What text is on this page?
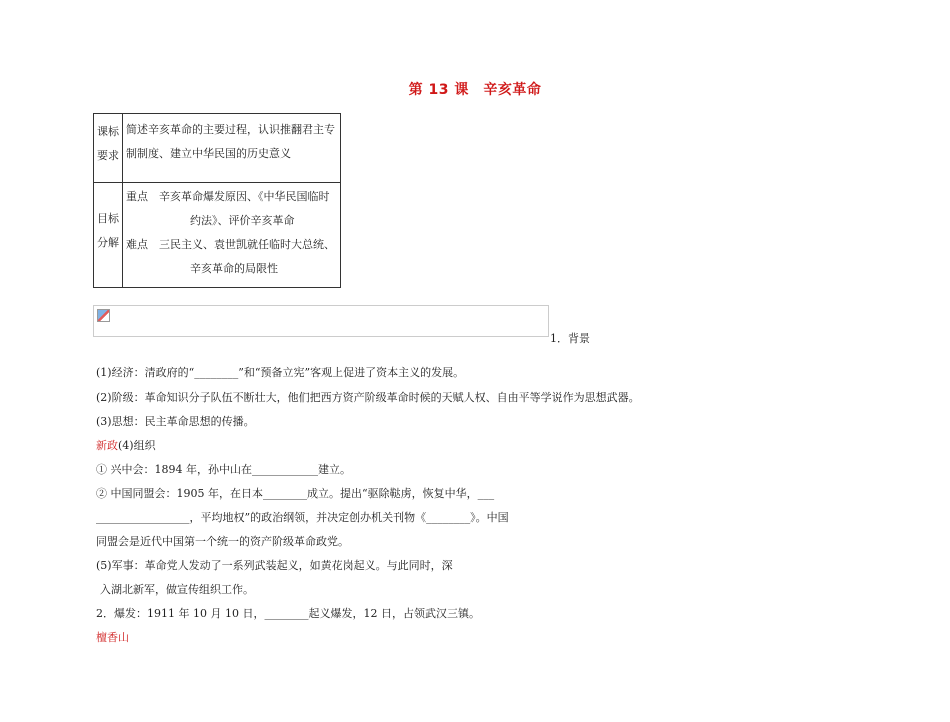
第 13 课　辛亥革命
课标
要求
简述辛亥革命的主要过程，认识推翻君主专
制制度、建立中华民国的历史意义
目标
分解
重点　辛亥革命爆发原因、《中华民国临时
约法》、评价辛亥革命
难点　三民主义、袁世凯就任临时大总统、
辛亥革命的局限性
1．背景
(1)经济：清政府的“________”和“预备立宪”客观上促进了资本主义的发展。
(2)阶级：革命知识分子队伍不断壮大，他们把西方资产阶级革命时候的天赋人权、自由平等学说作为思想武器。
(3)思想：民主革命思想的传播。
新政(4)组织
① 兴中会：1894 年，孙中山在____________建立。
② 中国同盟会：1905 年，在日本________成立。提出“驱除鞑虏，恢复中华，___
_________________，平均地权”的政治纲领，并决定创办机关刊物《________》。中国
同盟会是近代中国第一个统一的资产阶级革命政党。
(5)军事：革命党人发动了一系列武装起义，如黄花岗起义。与此同时，深
入湖北新军，做宣传组织工作。
2．爆发：1911 年 10 月 10 日，________起义爆发，12 日，占领武汉三镇。
檀香山
